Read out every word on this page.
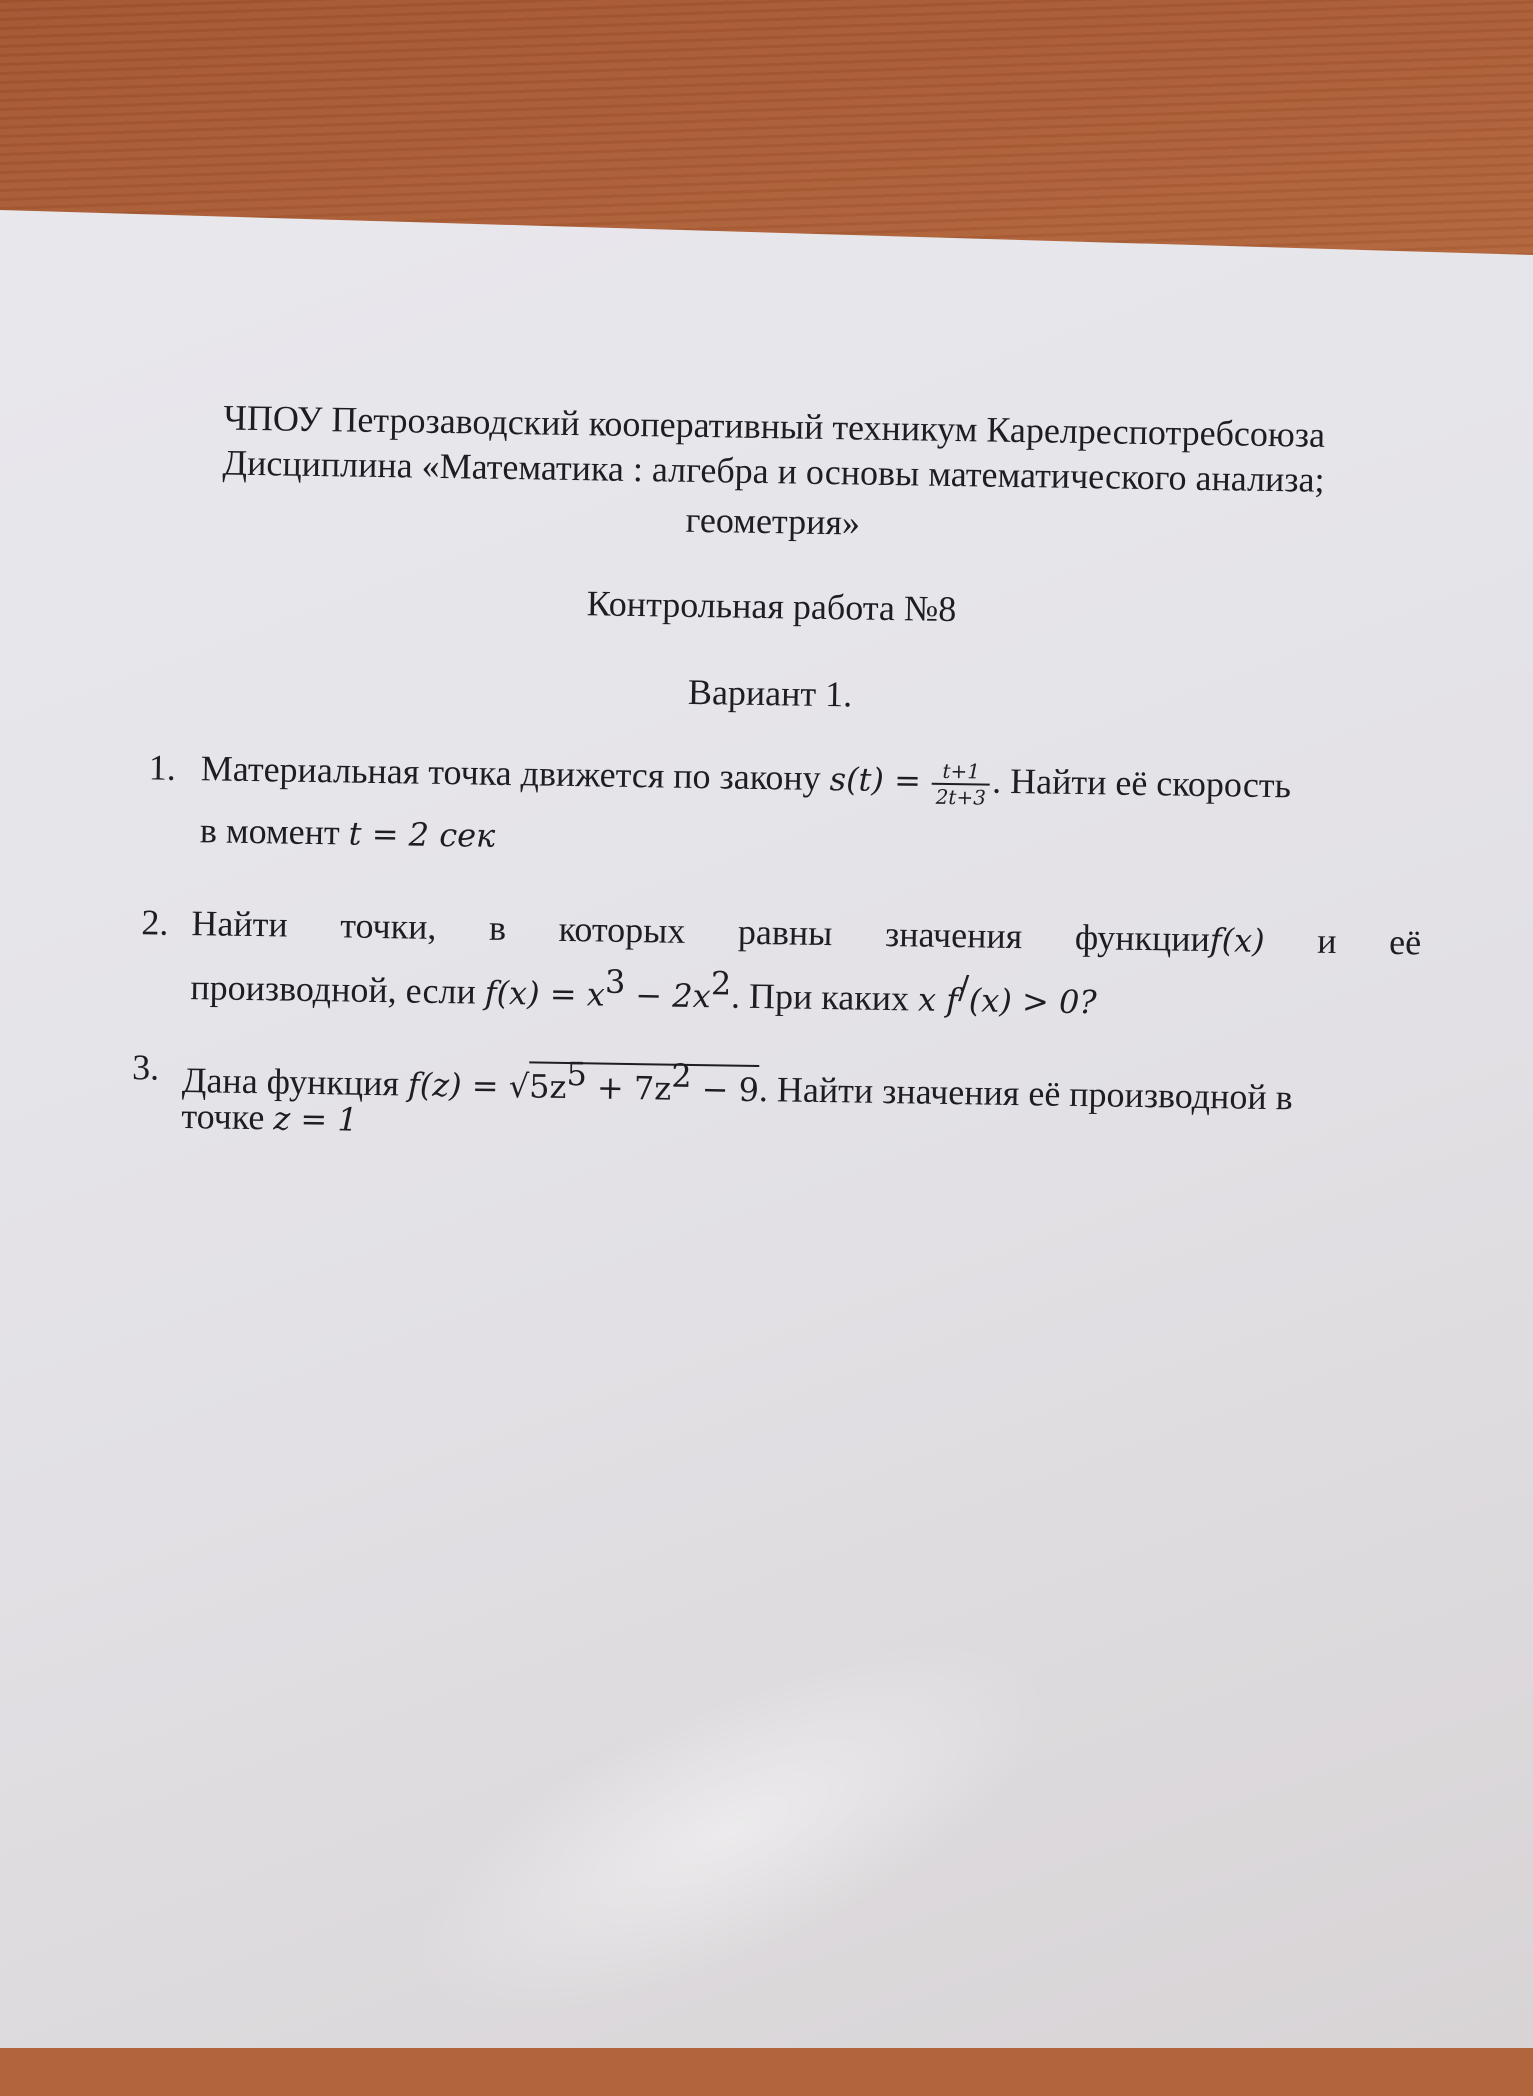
ЧПОУ Петрозаводский кооперативный техникум Карелреспотребсоюза
Дисциплина «Математика : алгебра и основы математического анализа;
геометрия»
Контрольная работа №8
Вариант 1.
1. Материальная точка движется по закону $s(t) = \frac{t+1}{2t+3}$ . Найти её скорость
в момент t = 2 сек
2. Найти точки, в которых равны значения функцииf(x) и её
производной, если $f(x) = x^3 - 2x^2$. При каких x f/(x) > 0?
3. Дана функция $f(z) = √5z^5 + 7z^2 - 9$. Найти значения её производной в
точке z = 1
